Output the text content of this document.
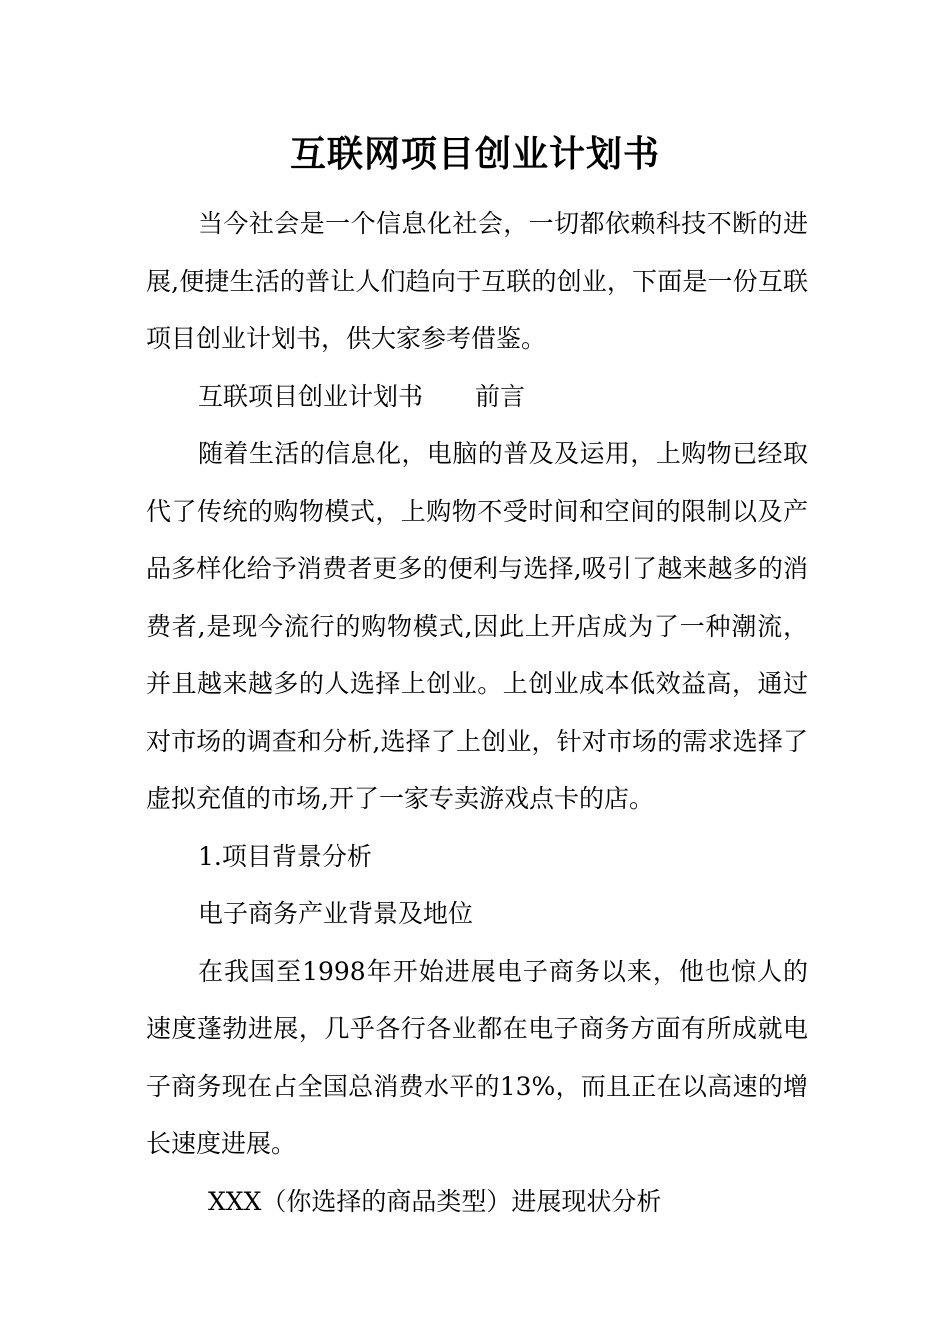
互联网项目创业计划书

当今社会是一个信息化社会，一切都依赖科技不断的进展,便捷生活的普让人们趋向于互联的创业，下面是一份互联项目创业计划书，供大家参考借鉴。

互联项目创业计划书 前言

随着生活的信息化，电脑的普及及运用，上购物已经取代了传统的购物模式，上购物不受时间和空间的限制以及产品多样化给予消费者更多的便利与选择,吸引了越来越多的消费者,是现今流行的购物模式,因此上开店成为了一种潮流，并且越来越多的人选择上创业。上创业成本低效益高，通过对市场的调查和分析,选择了上创业，针对市场的需求选择了虚拟充值的市场,开了一家专卖游戏点卡的店。

1.项目背景分析

电子商务产业背景及地位

在我国至1998年开始进展电子商务以来，他也惊人的速度蓬勃进展，几乎各行各业都在电子商务方面有所成就电子商务现在占全国总消费水平的13%，而且正在以高速的增长速度进展。

XXX（你选择的商品类型）进展现状分析
